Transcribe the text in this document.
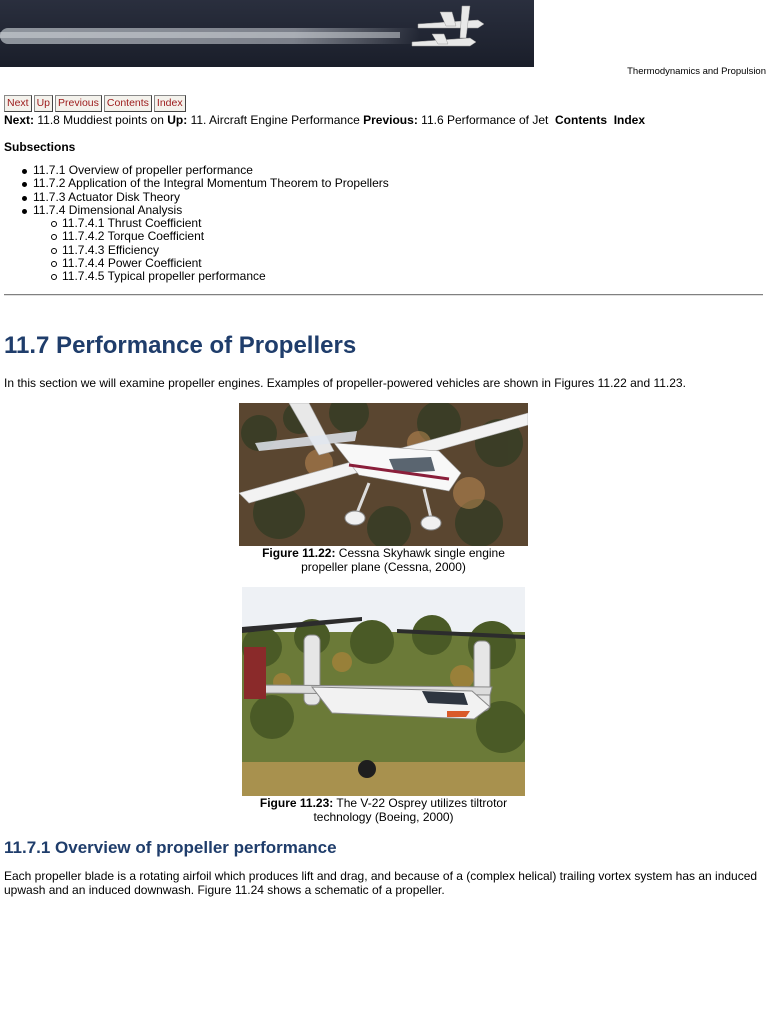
Thermodynamics and Propulsion
Next Up Previous Contents Index
Next: 11.8 Muddiest points on Up: 11. Aircraft Engine Performance Previous: 11.6 Performance of Jet Contents Index
Subsections
11.7.1 Overview of propeller performance
11.7.2 Application of the Integral Momentum Theorem to Propellers
11.7.3 Actuator Disk Theory
11.7.4 Dimensional Analysis
11.7.4.1 Thrust Coefficient
11.7.4.2 Torque Coefficient
11.7.4.3 Efficiency
11.7.4.4 Power Coefficient
11.7.4.5 Typical propeller performance
11.7 Performance of Propellers
In this section we will examine propeller engines. Examples of propeller-powered vehicles are shown in Figures 11.22 and 11.23.
Figure 11.22: Cessna Skyhawk single engine propeller plane (Cessna, 2000)
Figure 11.23: The V-22 Osprey utilizes tiltrotor technology (Boeing, 2000)
11.7.1 Overview of propeller performance
Each propeller blade is a rotating airfoil which produces lift and drag, and because of a (complex helical) trailing vortex system has an induced upwash and an induced downwash. Figure 11.24 shows a schematic of a propeller.
